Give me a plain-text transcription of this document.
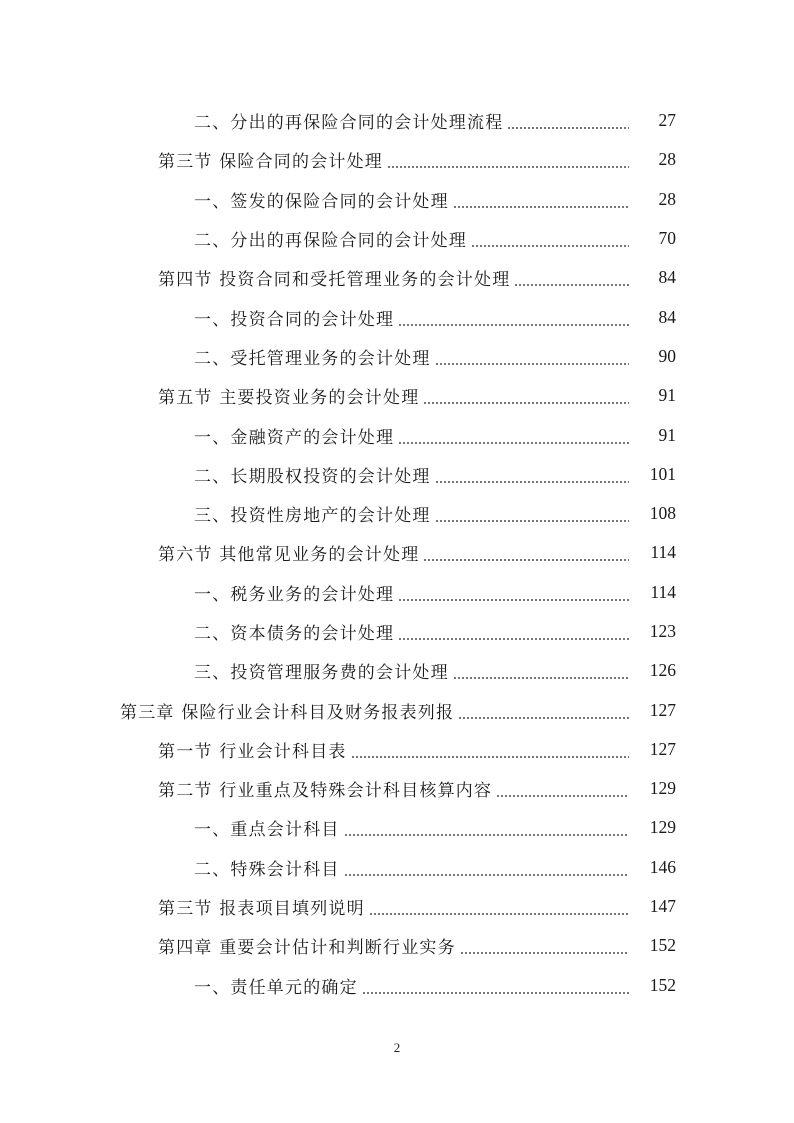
二、分出的再保险合同的会计处理流程	27
第三节 保险合同的会计处理	28
一、签发的保险合同的会计处理	28
二、分出的再保险合同的会计处理	70
第四节 投资合同和受托管理业务的会计处理	84
一、投资合同的会计处理	84
二、受托管理业务的会计处理	90
第五节 主要投资业务的会计处理	91
一、金融资产的会计处理	91
二、长期股权投资的会计处理	101
三、投资性房地产的会计处理	108
第六节 其他常见业务的会计处理	114
一、税务业务的会计处理	114
二、资本债务的会计处理	123
三、投资管理服务费的会计处理	126
第三章 保险行业会计科目及财务报表列报	127
第一节 行业会计科目表	127
第二节 行业重点及特殊会计科目核算内容	129
一、重点会计科目	129
二、特殊会计科目	146
第三节 报表项目填列说明	147
第四章 重要会计估计和判断行业实务	152
一、责任单元的确定	152
2
